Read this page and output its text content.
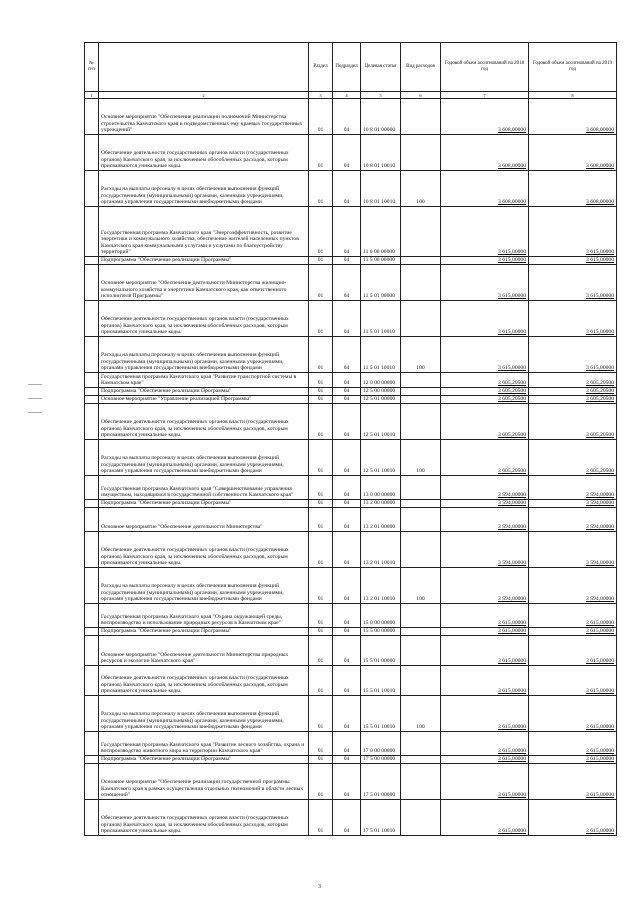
№ п/п		Раздел	Подраздел	Целевая статья	Вид расходов	Годовой объем ассигнований на 2018 год	Годовой объем ассигнований на 2019 год
1	2	3	4	5	6	7	8
	Основное мероприятие "Обеспечение реализации полномочий Министерства строительства Камчатского края и подведомственных ему краевых государственных учреждений"	01	04	10 8 01 00000		3 608,00000	3 608,00000
	Обеспечение деятельности государственных органов власти (государственных органов) Камчатского края, за исключением обособленных расходов, которым присваиваются уникальные коды.	01	04	10 8 01 10010		3 608,00000	3 608,00000
	Расходы на выплаты персоналу в целях обеспечения выполнения функций государственными (муниципальными) органами, казенными учреждениями, органами управления государственными внебюджетными фондами	01	04	10 8 01 10010	100	3 608,00000	3 608,00000
	Государственная программа Камчатского края "Энергоэффективность, развитие энергетики и коммунального хозяйства, обеспечение жителей населенных пунктов Камчатского края коммунальными услугами и услугами по благоустройству территорий"	01	04	11 0 00 00000		3 615,00000	3 615,00000
	Подпрограмма "Обеспечение реализации Программы"	01	04	11 5 00 00000		3 615,00000	3 615,00000
	Основное мероприятие "Обеспечение деятельности Министерства жилищно-коммунального хозяйства и энергетики Камчатского края, как ответственного исполнителя Программы"	01	04	11 5 01 00000		3 615,00000	3 615,00000
	Обеспечение деятельности государственных органов власти (государственных органов) Камчатского края, за исключением обособленных расходов, которым присваиваются уникальные коды.	01	04	11 5 01 10010		3 615,00000	3 615,00000
	Расходы на выплаты персоналу в целях обеспечения выполнения функций государственными (муниципальными) органами, казенными учреждениями, органами управления государственными внебюджетными фондами	01	04	11 5 01 10010	100	3 615,00000	3 615,00000
	Государственная программа Камчатского края "Развитие транспортной системы в Камчатском крае"	01	04	12 0 00 00000		3 605,20500	3 605,20500
	Подпрограмма "Обеспечение реализации Программы"	01	04	12 5 00 00000		3 605,20500	3 605,20500
	Основное мероприятие "Управление реализацией Программы"	01	04	12 5 01 00000		3 605,20500	3 605,20500
	Обеспечение деятельности государственных органов власти (государственных органов) Камчатского края, за исключением обособленных расходов, которым присваиваются уникальные коды.	01	04	12 5 01 10010		3 605,20500	3 605,20500
	Расходы на выплаты персоналу в целях обеспечения выполнения функций государственными (муниципальными) органами, казенными учреждениями, органами управления государственными внебюджетными фондами	01	04	12 5 01 10010	100	3 605,20500	3 605,20500
	Государственная программа Камчатского края "Совершенствование управления имуществом, находящимся в государственной собственности Камчатского края"	01	04	13 0 00 00000		3 594,00000	3 594,00000
	Подпрограмма "Обеспечение реализации Программы"	01	04	13 2 00 00000		3 594,00000	3 594,00000
	Основное мероприятие "Обеспечение деятельности Министерства"	01	04	13 2 01 00000		3 594,00000	3 594,00000
	Обеспечение деятельности государственных органов власти (государственных органов) Камчатского края, за исключением обособленных расходов, которым присваиваются уникальные коды.	01	04	13 2 01 10010		3 594,00000	3 594,00000
	Расходы на выплаты персоналу в целях обеспечения выполнения функций государственными (муниципальными) органами, казенными учреждениями, органами управления государственными внебюджетными фондами	01	04	13 2 01 10010	100	3 594,00000	3 594,00000
	Государственная программа Камчатского края "Охрана окружающей среды, воспроизводство и использование природных ресурсов в Камчатском крае"	01	04	15 0 00 00000		3 615,00000	3 615,00000
	Подпрограмма "Обеспечение реализации Программы"	01	04	15 5 00 00000		3 615,00000	3 615,00000
	Основное мероприятие "Обеспечение деятельности Министерства природных ресурсов и экологии Камчатского края"	01	04	15 5 01 00000		3 615,00000	3 615,00000
	Обеспечение деятельности государственных органов власти (государственных органов) Камчатского края, за исключением обособленных расходов, которым присваиваются уникальные коды.	01	04	15 5 01 10010		3 615,00000	3 615,00000
	Расходы на выплаты персоналу в целях обеспечения выполнения функций государственными (муниципальными) органами, казенными учреждениями, органами управления государственными внебюджетными фондами	01	04	15 5 01 10010	100	3 615,00000	3 615,00000
	Государственная программа Камчатского края "Развитие лесного хозяйства, охрана и воспроизводство животного мира на территории Камчатского края"	01	04	17 0 00 00000		3 615,00000	3 615,00000
	Подпрограмма "Обеспечение реализации Программы"	01	04	17 5 00 00000		3 615,00000	3 615,00000
	Основное мероприятие "Обеспечение реализации государственной программы Камчатского края в рамках осуществления отдельных полномочий в области лесных отношений"	01	04	17 5 01 00000		3 615,00000	3 615,00000
	Обеспечение деятельности государственных органов власти (государственных органов) Камчатского края, за исключением обособленных расходов, которым присваиваются уникальные коды.	01	04	17 5 01 10010		3 615,00000	3 615,00000
3
